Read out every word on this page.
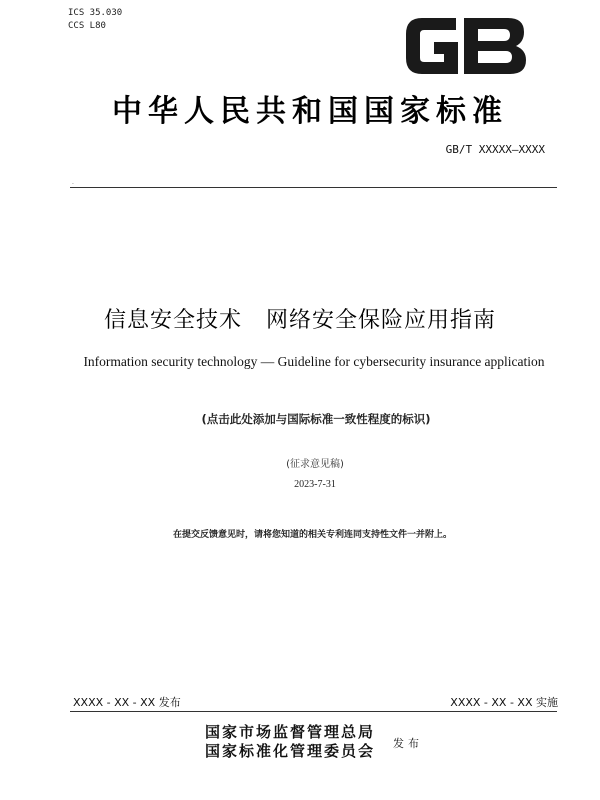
ICS 35.030
CCS L80
中华人民共和国国家标准
GB/T XXXXX—XXXX
·
信息安全技术   网络安全保险应用指南
Information security technology — Guideline for cybersecurity insurance application
(点击此处添加与国际标准一致性程度的标识)
(征求意见稿)
2023-7-31
在提交反馈意见时，请将您知道的相关专利连同支持性文件一并附上。
XXXX - XX - XX 发布	XXXX - XX - XX 实施
国家市场监督管理总局
国家标准化管理委员会 发布
